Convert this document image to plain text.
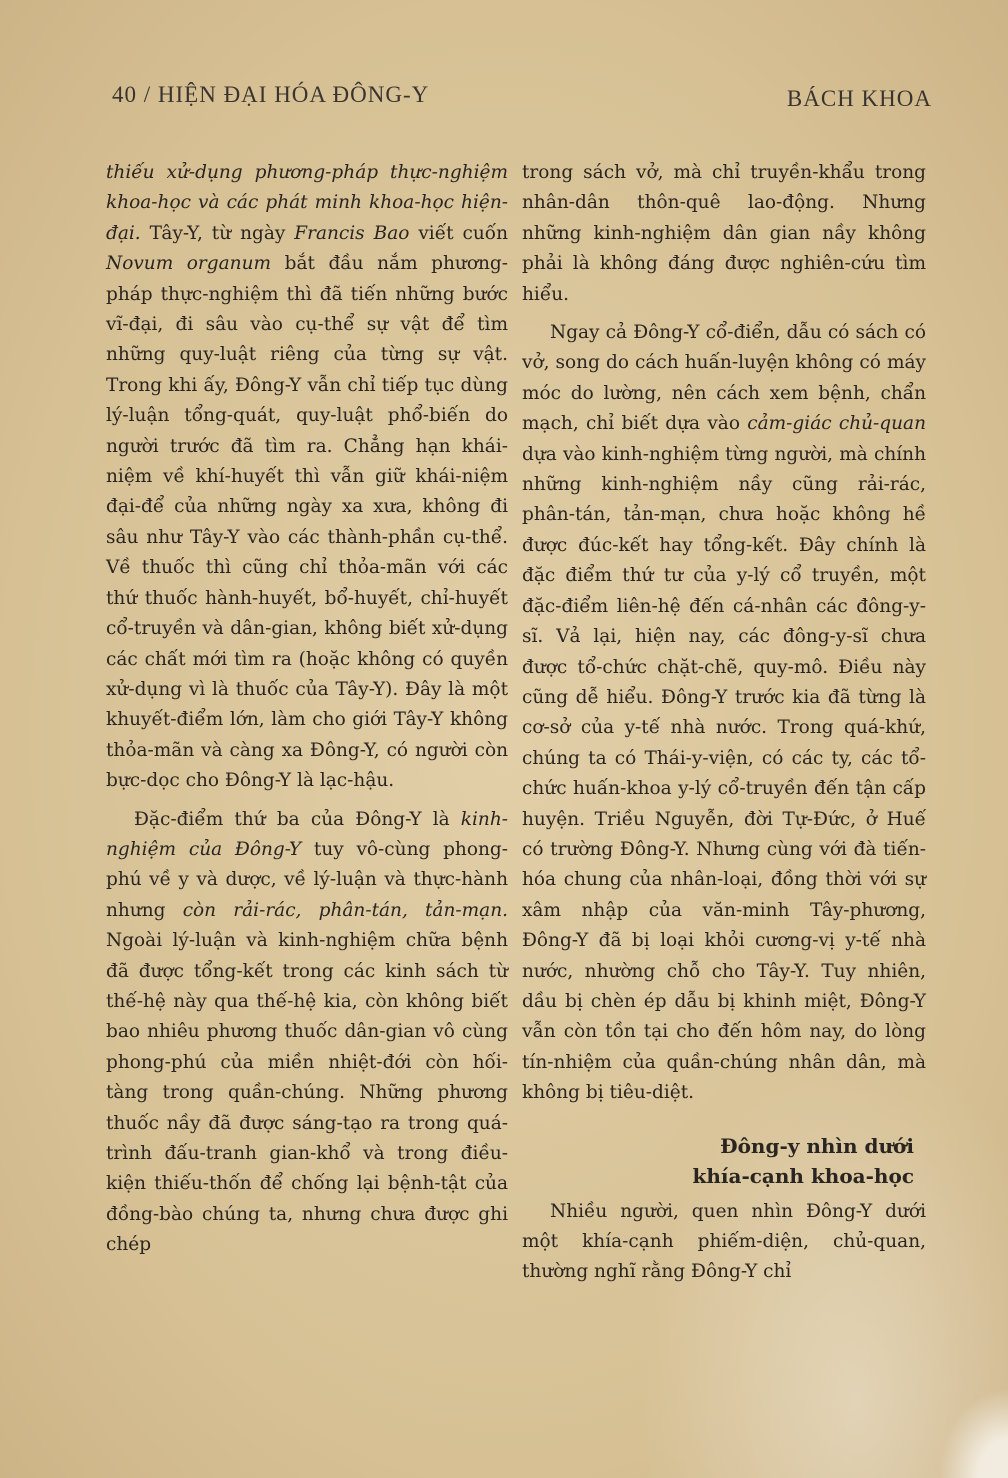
40 / HIỆN ĐẠI HÓA ĐÔNG-Y	BÁCH KHOA

thiếu xử-dụng phương-pháp thực-nghiệm khoa-học và các phát minh khoa-học hiện-đại. Tây-Y, từ ngày Francis Bao viết cuốn Novum organum bắt đầu nắm phương-pháp thực-nghiệm thì đã tiến những bước vĩ-đại, đi sâu vào cụ-thể sự vật để tìm những quy-luật riêng của từng sự vật. Trong khi ấy, Đông-Y vẫn chỉ tiếp tục dùng lý-luận tổng-quát, quy-luật phổ-biến do người trước đã tìm ra. Chẳng hạn khái-niệm về khí-huyết thì vẫn giữ khái-niệm đại-để của những ngày xa xưa, không đi sâu như Tây-Y vào các thành-phần cụ-thể. Về thuốc thì cũng chỉ thỏa-mãn với các thứ thuốc hành-huyết, bổ-huyết, chỉ-huyết cổ-truyền và dân-gian, không biết xử-dụng các chất mới tìm ra (hoặc không có quyền xử-dụng vì là thuốc của Tây-Y). Đây là một khuyết-điểm lớn, làm cho giới Tây-Y không thỏa-mãn và càng xa Đông-Y, có người còn bực-dọc cho Đông-Y là lạc-hậu.

Đặc-điểm thứ ba của Đông-Y là kinh-nghiệm của Đông-Y tuy vô-cùng phong-phú về y và dược, về lý-luận và thực-hành nhưng còn rải-rác, phân-tán, tản-mạn. Ngoài lý-luận và kinh-nghiệm chữa bệnh đã được tổng-kết trong các kinh sách từ thế-hệ này qua thế-hệ kia, còn không biết bao nhiêu phương thuốc dân-gian vô cùng phong-phú của miền nhiệt-đới còn hối-tàng trong quần-chúng. Những phương thuốc nầy đã được sáng-tạo ra trong quá-trình đấu-tranh gian-khổ và trong điều-kiện thiếu-thốn để chống lại bệnh-tật của đồng-bào chúng ta, nhưng chưa được ghi chép

trong sách vở, mà chỉ truyền-khẩu trong nhân-dân thôn-quê lao-động. Nhưng những kinh-nghiệm dân gian nầy không phải là không đáng được nghiên-cứu tìm hiểu.

Ngay cả Đông-Y cổ-điển, dẫu có sách có vở, song do cách huấn-luyện không có máy móc do lường, nên cách xem bệnh, chẩn mạch, chỉ biết dựa vào cảm-giác chủ-quan dựa vào kinh-nghiệm từng người, mà chính những kinh-nghiệm nầy cũng rải-rác, phân-tán, tản-mạn, chưa hoặc không hề được đúc-kết hay tổng-kết. Đây chính là đặc điểm thứ tư của y-lý cổ truyền, một đặc-điểm liên-hệ đến cá-nhân các đông-y-sĩ. Vả lại, hiện nay, các đông-y-sĩ chưa được tổ-chức chặt-chẽ, quy-mô. Điều này cũng dễ hiểu. Đông-Y trước kia đã từng là cơ-sở của y-tế nhà nước. Trong quá-khứ, chúng ta có Thái-y-viện, có các ty, các tổ-chức huấn-khoa y-lý cổ-truyền đến tận cấp huyện. Triều Nguyễn, đời Tự-Đức, ở Huế có trường Đông-Y. Nhưng cùng với đà tiến-hóa chung của nhân-loại, đồng thời với sự xâm nhập của văn-minh Tây-phương, Đông-Y đã bị loại khỏi cương-vị y-tế nhà nước, nhường chỗ cho Tây-Y. Tuy nhiên, dầu bị chèn ép dẫu bị khinh miệt, Đông-Y vẫn còn tồn tại cho đến hôm nay, do lòng tín-nhiệm của quần-chúng nhân dân, mà không bị tiêu-diệt.

Đông-y nhìn dưới
khía-cạnh khoa-học

Nhiều người, quen nhìn Đông-Y dưới một khía-cạnh phiếm-diện, chủ-quan, thường nghĩ rằng Đông-Y chỉ
